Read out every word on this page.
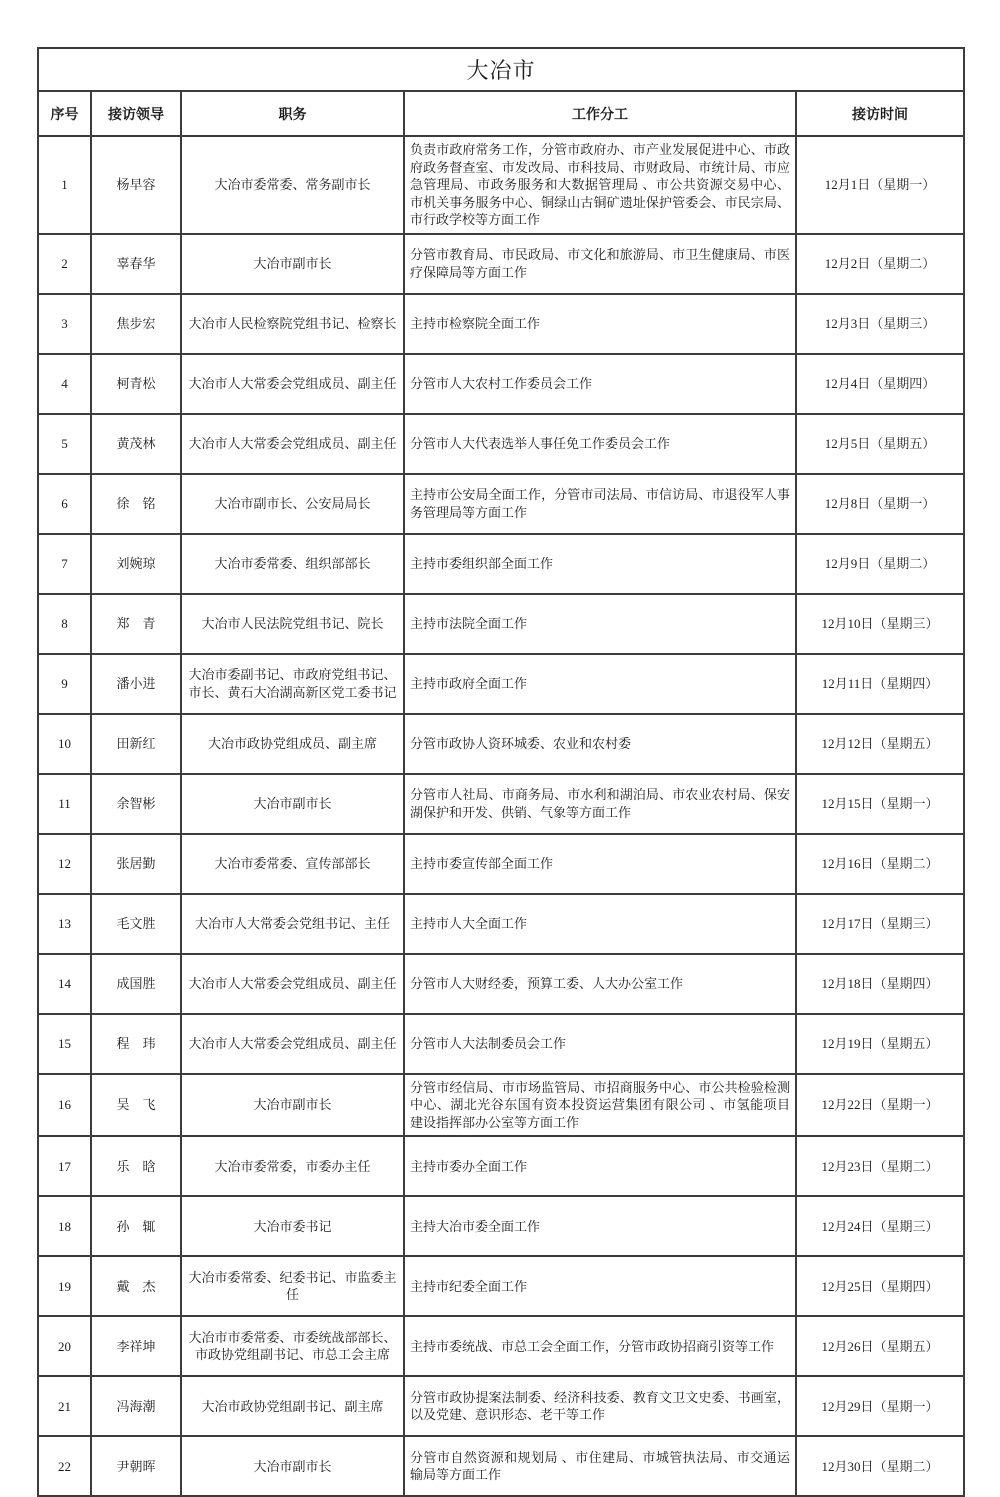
大冶市				
序号	接访领导	职务	工作分工	接访时间
1	杨早容	大冶市委常委、常务副市长	负责市政府常务工作，分管市政府办、市产业发展促进中心、市政府政务督查室、市发改局、市科技局、市财政局、市统计局、市应急管理局、市政务服务和大数据管理局 、市公共资源交易中心、市机关事务服务中心、铜绿山古铜矿遗址保护管委会、市民宗局、市行政学校等方面工作	12月1日（星期一）
2	辜春华	大冶市副市长	分管市教育局、市民政局、市文化和旅游局、市卫生健康局、市医疗保障局等方面工作	12月2日（星期二）
3	焦步宏	大冶市人民检察院党组书记、检察长	主持市检察院全面工作	12月3日（星期三）
4	柯青松	大冶市人大常委会党组成员、副主任	分管市人大农村工作委员会工作	12月4日（星期四）
5	黄茂林	大冶市人大常委会党组成员、副主任	分管市人大代表选举人事任免工作委员会工作	12月5日（星期五）
6	徐　铭	大冶市副市长、公安局局长	主持市公安局全面工作，分管市司法局、市信访局、市退役军人事务管理局等方面工作	12月8日（星期一）
7	刘婉琼	大冶市委常委、组织部部长	主持市委组织部全面工作	12月9日（星期二）
8	郑　青	大冶市人民法院党组书记、院长	主持市法院全面工作	12月10日（星期三）
9	潘小进	大冶市委副书记、市政府党组书记、市长、黄石大冶湖高新区党工委书记	主持市政府全面工作	12月11日（星期四）
10	田新红	大冶市政协党组成员、副主席	分管市政协人资环城委、农业和农村委	12月12日（星期五）
11	余智彬	大冶市副市长	分管市人社局、市商务局、市水利和湖泊局、市农业农村局、保安湖保护和开发、供销、气象等方面工作	12月15日（星期一）
12	张居勤	大冶市委常委、宣传部部长	主持市委宣传部全面工作	12月16日（星期二）
13	毛文胜	大冶市人大常委会党组书记、主任	主持市人大全面工作	12月17日（星期三）
14	成国胜	大冶市人大常委会党组成员、副主任	分管市人大财经委，预算工委、人大办公室工作	12月18日（星期四）
15	程　玮	大冶市人大常委会党组成员、副主任	分管市人大法制委员会工作	12月19日（星期五）
16	吴　飞	大冶市副市长	分管市经信局、市市场监管局、市招商服务中心、市公共检验检测中心、湖北光谷东国有资本投资运营集团有限公司 、市氢能项目建设指挥部办公室等方面工作	12月22日（星期一）
17	乐　晗	大冶市委常委，市委办主任	主持市委办全面工作	12月23日（星期二）
18	孙　辄	大冶市委书记	主持大冶市委全面工作	12月24日（星期三）
19	戴　杰	大冶市委常委、纪委书记、市监委主任	主持市纪委全面工作	12月25日（星期四）
20	李祥坤	大冶市市委常委、市委统战部部长、市政协党组副书记、市总工会主席	主持市委统战、市总工会全面工作，分管市政协招商引资等工作	12月26日（星期五）
21	冯海潮	大冶市政协党组副书记、副主席	分管市政协提案法制委、经济科技委、教育文卫文史委、书画室，以及党建、意识形态、老干等工作	12月29日（星期一）
22	尹朝晖	大冶市副市长	分管市自然资源和规划局 、市住建局、市城管执法局、市交通运输局等方面工作	12月30日（星期二）
